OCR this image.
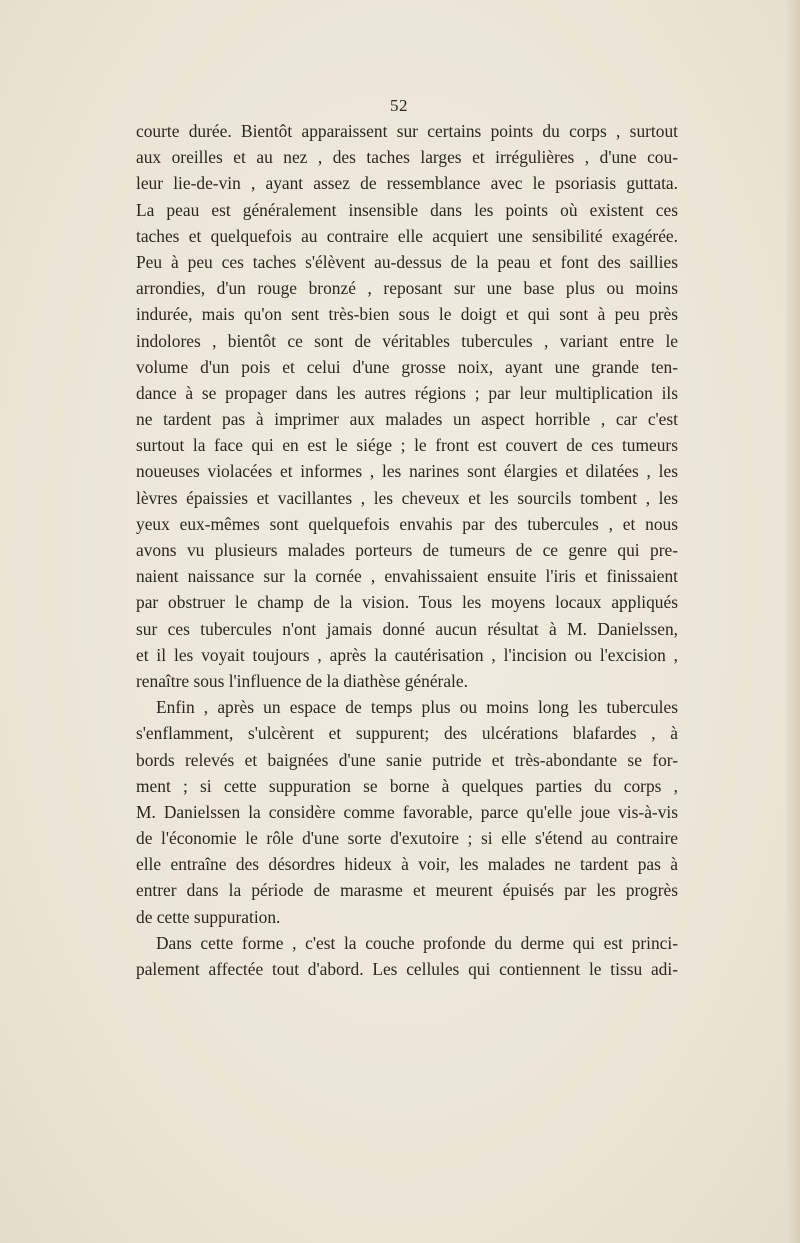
52
courte durée. Bientôt apparaissent sur certains points du corps , surtout
aux oreilles et au nez , des taches larges et irrégulières , d'une cou-
leur lie-de-vin , ayant assez de ressemblance avec le psoriasis guttata.
La peau est généralement insensible dans les points où existent ces
taches et quelquefois au contraire elle acquiert une sensibilité exagérée.
Peu à peu ces taches s'élèvent au-dessus de la peau et font des saillies
arrondies, d'un rouge bronzé , reposant sur une base plus ou moins
indurée, mais qu'on sent très-bien sous le doigt et qui sont à peu près
indolores , bientôt ce sont de véritables tubercules , variant entre le
volume d'un pois et celui d'une grosse noix, ayant une grande ten-
dance à se propager dans les autres régions ; par leur multiplication ils
ne tardent pas à imprimer aux malades un aspect horrible , car c'est
surtout la face qui en est le siége ; le front est couvert de ces tumeurs
noueuses violacées et informes , les narines sont élargies et dilatées , les
lèvres épaissies et vacillantes , les cheveux et les sourcils tombent , les
yeux eux-mêmes sont quelquefois envahis par des tubercules , et nous
avons vu plusieurs malades porteurs de tumeurs de ce genre qui pre-
naient naissance sur la cornée , envahissaient ensuite l'iris et finissaient
par obstruer le champ de la vision. Tous les moyens locaux appliqués
sur ces tubercules n'ont jamais donné aucun résultat à M. Danielssen,
et il les voyait toujours , après la cautérisation , l'incision ou l'excision ,
renaître sous l'influence de la diathèse générale.
Enfin , après un espace de temps plus ou moins long les tubercules
s'enflamment, s'ulcèrent et suppurent; des ulcérations blafardes , à
bords relevés et baignées d'une sanie putride et très-abondante se for-
ment ; si cette suppuration se borne à quelques parties du corps ,
M. Danielssen la considère comme favorable, parce qu'elle joue vis-à-vis
de l'économie le rôle d'une sorte d'exutoire ; si elle s'étend au contraire
elle entraîne des désordres hideux à voir, les malades ne tardent pas à
entrer dans la période de marasme et meurent épuisés par les progrès
de cette suppuration.
Dans cette forme , c'est la couche profonde du derme qui est princi-
palement affectée tout d'abord. Les cellules qui contiennent le tissu adi-
